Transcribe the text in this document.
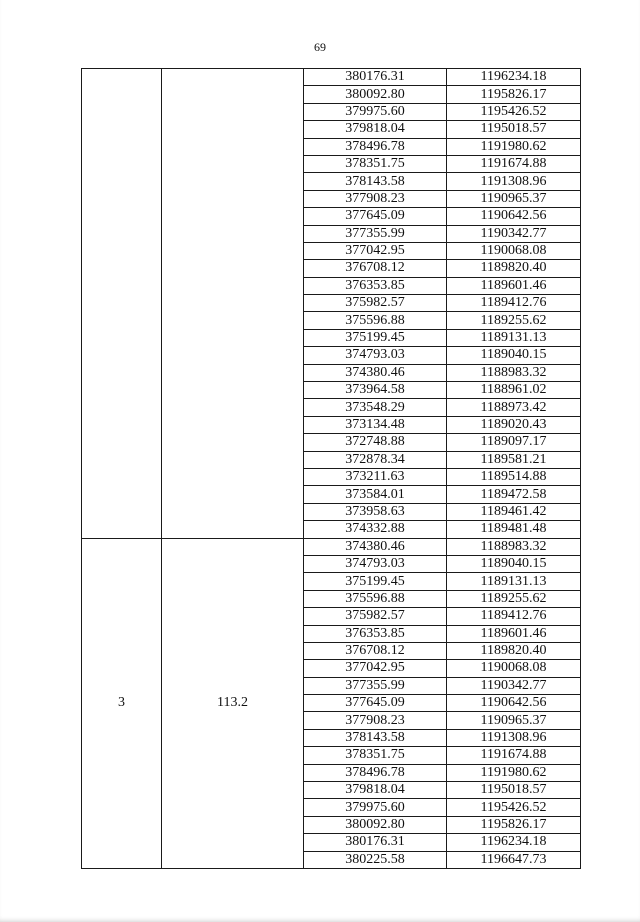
69
		380176.31	1196234.18
		380092.80	1195826.17
		379975.60	1195426.52
		379818.04	1195018.57
		378496.78	1191980.62
		378351.75	1191674.88
		378143.58	1191308.96
		377908.23	1190965.37
		377645.09	1190642.56
		377355.99	1190342.77
		377042.95	1190068.08
		376708.12	1189820.40
		376353.85	1189601.46
		375982.57	1189412.76
		375596.88	1189255.62
		375199.45	1189131.13
		374793.03	1189040.15
		374380.46	1188983.32
		373964.58	1188961.02
		373548.29	1188973.42
		373134.48	1189020.43
		372748.88	1189097.17
		372878.34	1189581.21
		373211.63	1189514.88
		373584.01	1189472.58
		373958.63	1189461.42
		374332.88	1189481.48
3	113.2	374380.46	1188983.32
		374793.03	1189040.15
		375199.45	1189131.13
		375596.88	1189255.62
		375982.57	1189412.76
		376353.85	1189601.46
		376708.12	1189820.40
		377042.95	1190068.08
		377355.99	1190342.77
		377645.09	1190642.56
		377908.23	1190965.37
		378143.58	1191308.96
		378351.75	1191674.88
		378496.78	1191980.62
		379818.04	1195018.57
		379975.60	1195426.52
		380092.80	1195826.17
		380176.31	1196234.18
		380225.58	1196647.73
